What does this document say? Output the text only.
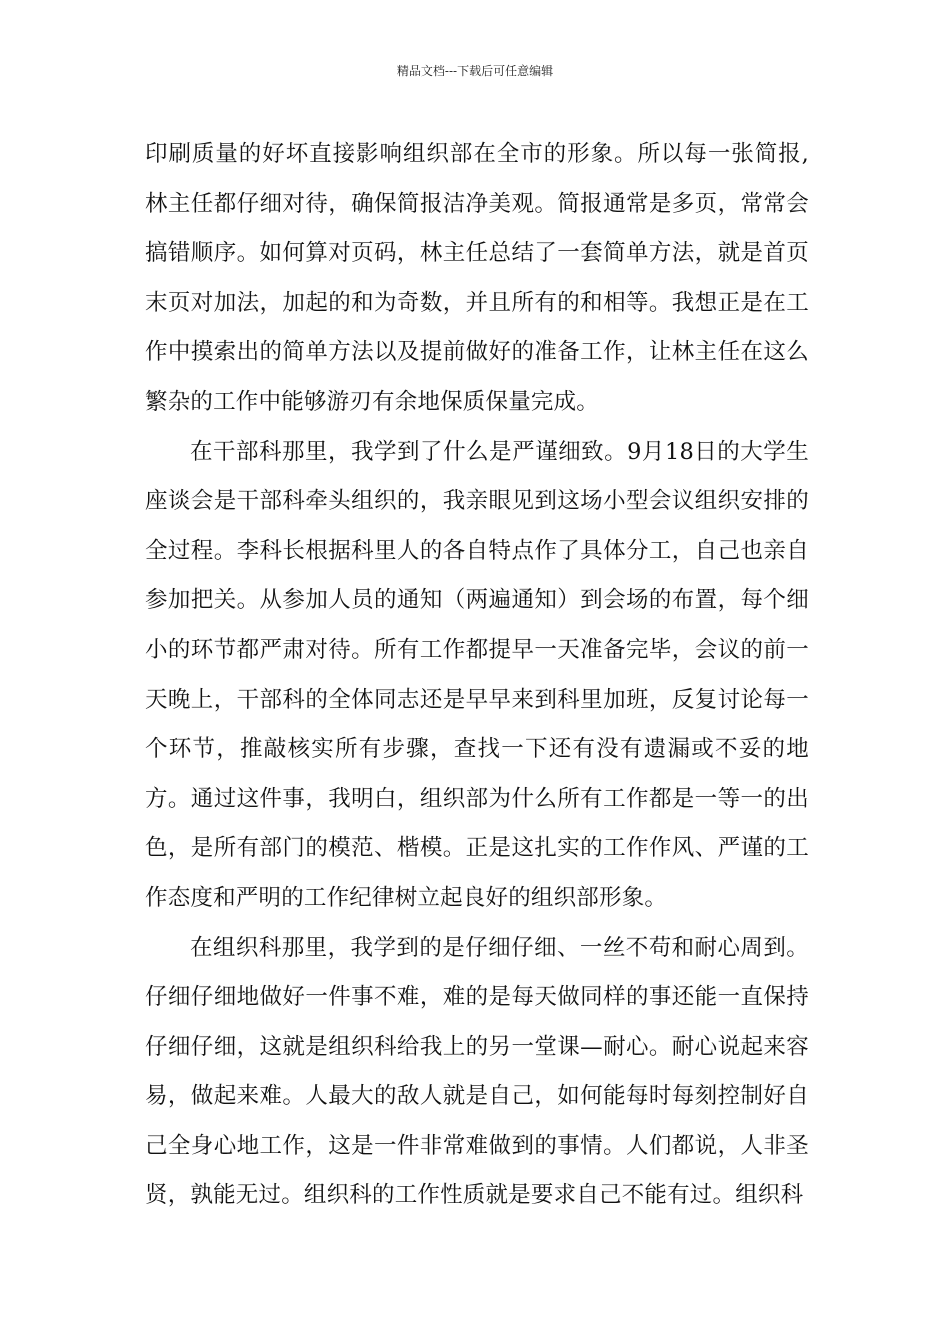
精品文档---下载后可任意编辑

印刷质量的好坏直接影响组织部在全市的形象。所以每一张简报,林主任都仔细对待，确保简报洁净美观。简报通常是多页，常常会搞错顺序。如何算对页码，林主任总结了一套简单方法，就是首页末页对加法，加起的和为奇数，并且所有的和相等。我想正是在工作中摸索出的简单方法以及提前做好的准备工作，让林主任在这么繁杂的工作中能够游刃有余地保质保量完成。

在干部科那里，我学到了什么是严谨细致。9月18日的大学生座谈会是干部科牵头组织的，我亲眼见到这场小型会议组织安排的全过程。李科长根据科里人的各自特点作了具体分工，自己也亲自参加把关。从参加人员的通知（两遍通知）到会场的布置，每个细小的环节都严肃对待。所有工作都提早一天准备完毕，会议的前一天晚上，干部科的全体同志还是早早来到科里加班，反复讨论每一个环节，推敲核实所有步骤，查找一下还有没有遗漏或不妥的地方。通过这件事，我明白，组织部为什么所有工作都是一等一的出色，是所有部门的模范、楷模。正是这扎实的工作作风、严谨的工作态度和严明的工作纪律树立起良好的组织部形象。

在组织科那里，我学到的是仔细仔细、一丝不苟和耐心周到。仔细仔细地做好一件事不难，难的是每天做同样的事还能一直保持仔细仔细，这就是组织科给我上的另一堂课—耐心。耐心说起来容易，做起来难。人最大的敌人就是自己，如何能每时每刻控制好自己全身心地工作，这是一件非常难做到的事情。人们都说，人非圣贤，孰能无过。组织科的工作性质就是要求自己不能有过。组织科
